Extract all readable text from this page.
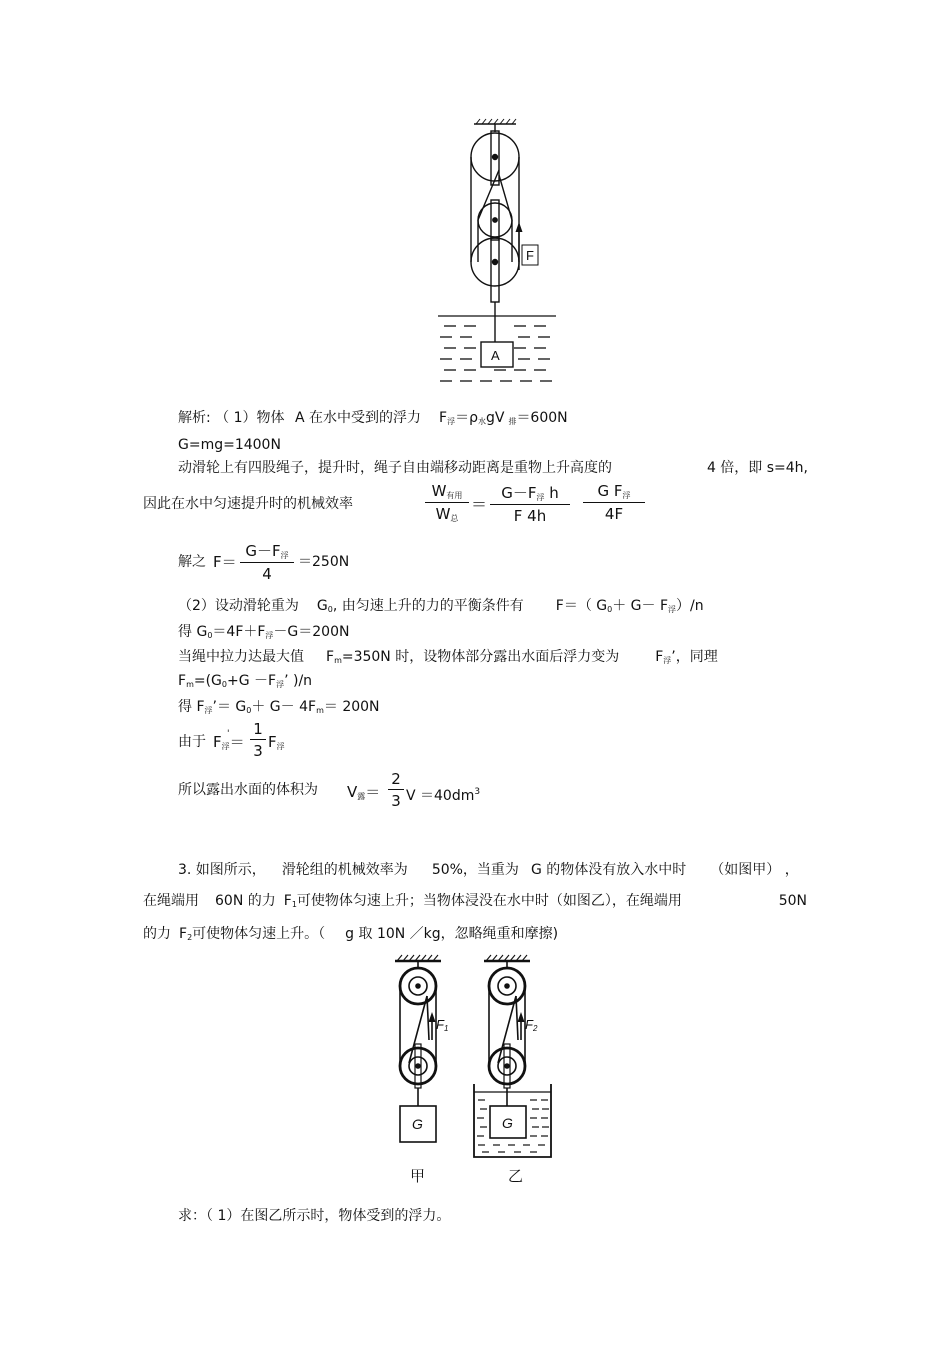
F
A
解析: （ 1）物体 A 在水中受到的浮力 F浮＝ρ水gV 排＝600N
G=mg=1400N
动滑轮上有四股绳子，提升时，绳子自由端移动距离是重物上升高度的	4 倍，即 s=4h,
因此在水中匀速提升时的机械效率
W有用
W总
＝
G－F浮 h
F 4h
G F浮
4F
解之 F＝
G－F浮
4
＝250N
（2）设动滑轮重为 G0, 由匀速上升的力的平衡条件有 F＝（ G0＋ G－ F浮）/n
得 G0＝4F＋F浮－G＝200N
当绳中拉力达最大值 Fm=350N 时，设物体部分露出水面后浮力变为	F浮’，同理
Fm=(G0+G －F浮’ )/n
得 F浮’＝ G0＋ G－ 4Fm＝ 200N
由于 F浮
' ＝ $\frac{1}{3}$ F浮
所以露出水面的体积为 V露＝ $\frac{2}{3}$ $V =40dm^3$
3. 如图所示， 滑轮组的机械效率为 50%，当重为 G 的物体没有放入水中时 （如图甲） ，
在绳端用 60N 的力 F1可使物体匀速上升；当物体浸没在水中时（如图乙），在绳端用	50N
的力 F2可使物体匀速上升。（ g 取 10N ／kg，忽略绳重和摩擦)
F1	F2
G	G
甲	乙
求：（ 1）在图乙所示时，物体受到的浮力。
